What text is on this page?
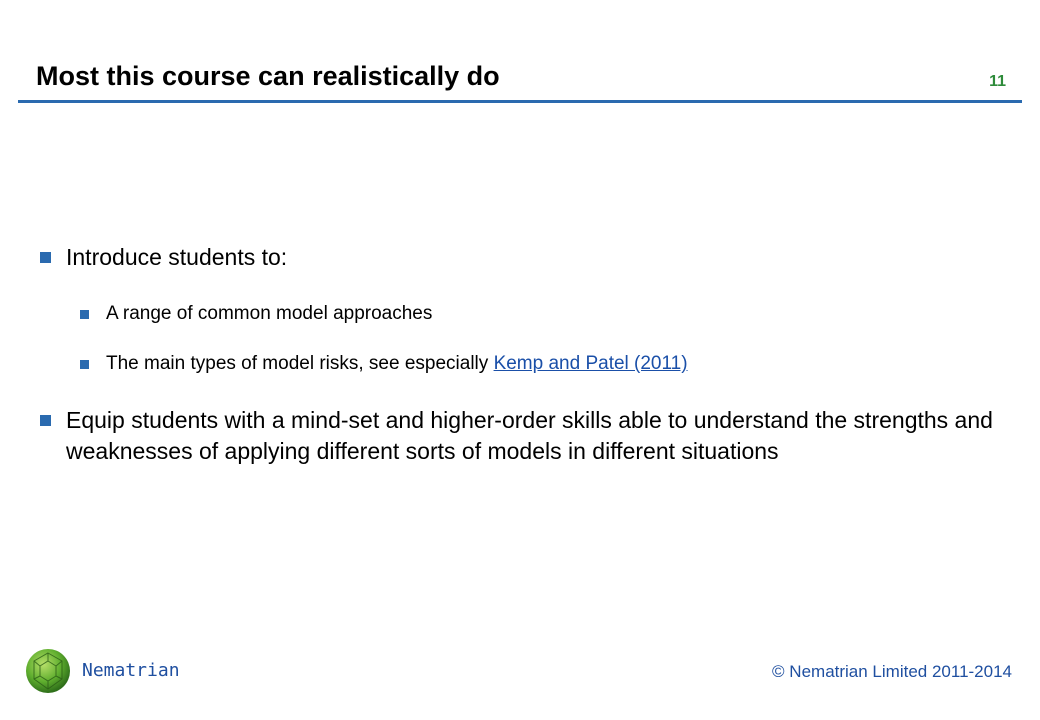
Most this course can realistically do	11
Introduce students to:
A range of common model approaches
The main types of model risks, see especially Kemp and Patel (2011)
Equip students with a mind-set and higher-order skills able to understand the strengths and weaknesses of applying different sorts of models in different situations
Nematrian	© Nematrian Limited 2011-2014
